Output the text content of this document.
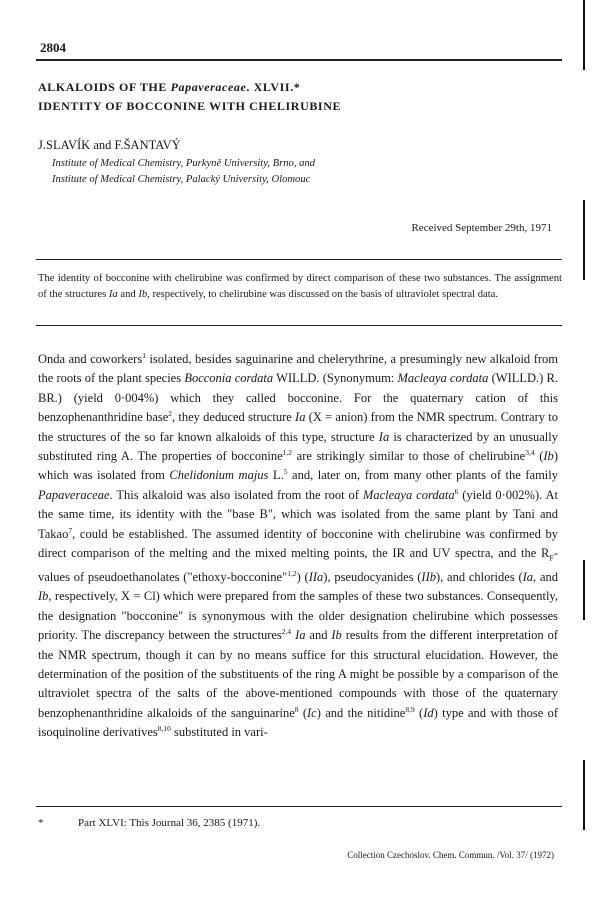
2804
ALKALOIDS OF THE Papaveraceae. XLVII.*
IDENTITY OF BOCCONINE WITH CHELIRUBINE
J.SLAVÍK and F.ŠANTAVÝ
Institute of Medical Chemistry, Purkyně University, Brno, and
Institute of Medical Chemistry, Palacký University, Olomouc
Received September 29th, 1971

The identity of bocconine with chelirubine was confirmed by direct comparison of these two substances. The assignment of the structures Ia and Ib, respectively, to chelirubine was discussed on the basis of ultraviolet spectral data.

Onda and coworkers$^1$ isolated, besides saguinarine and chelerythrine, a presumingly new alkaloid from the roots of the plant species Bocconia cordata WILLD. (Synonymum: Macleaya cordata (WILLD.) R. BR.) (yield 0·004%) which they called bocconine. For the quaternary cation of this benzophenanthridine base$^2$, they deduced structure Ia (X = anion) from the NMR spectrum. Contrary to the structures of the so far known alkaloids of this type, structure Ia is characterized by an unusually substituted ring A. The properties of bocconine$^{1,2}$ are strikingly similar to those of chelirubine$^{3,4}$ (Ib) which was isolated from Chelidonium majus L.$^5$ and, later on, from many other plants of the family Papaveraceae. This alkaloid was also isolated from the root of Macleaya cordata$^6$ (yield 0·002%). At the same time, its identity with the "base B", which was isolated from the same plant by Tani and Takao$^7$, could be established. The assumed identity of bocconine with chelirubine was confirmed by direct comparison of the melting and the mixed melting points, the IR and UV spectra, and the $R_F$-values of pseudoethanolates ("ethoxy-bocconine"$^{1,2}$) (IIa), pseudocyanides (IIb), and chlorides (Ia, and Ib, respectively, X = Cl) which were prepared from the samples of these two substances. Consequently, the designation "bocconine" is synonymous with the older designation chelirubine which possesses priority. The discrepancy between the structures$^{2,4}$ Ia and Ib results from the different interpretation of the NMR spectrum, though it can by no means suffice for this structural elucidation. However, the determination of the position of the substituents of the ring A might be possible by a comparison of the ultraviolet spectra of the salts of the above-mentioned compounds with those of the quaternary benzophenanthridine alkaloids of the sanguinarine$^8$ (Ic) and the nitidine$^{8,9}$ (Id) type and with those of isoquinoline derivatives$^{8,10}$ substituted in vari-

*	Part XLVI: This Journal 36, 2385 (1971).
Collection Czechoslov. Chem. Commun. /Vol. 37/ (1972)
